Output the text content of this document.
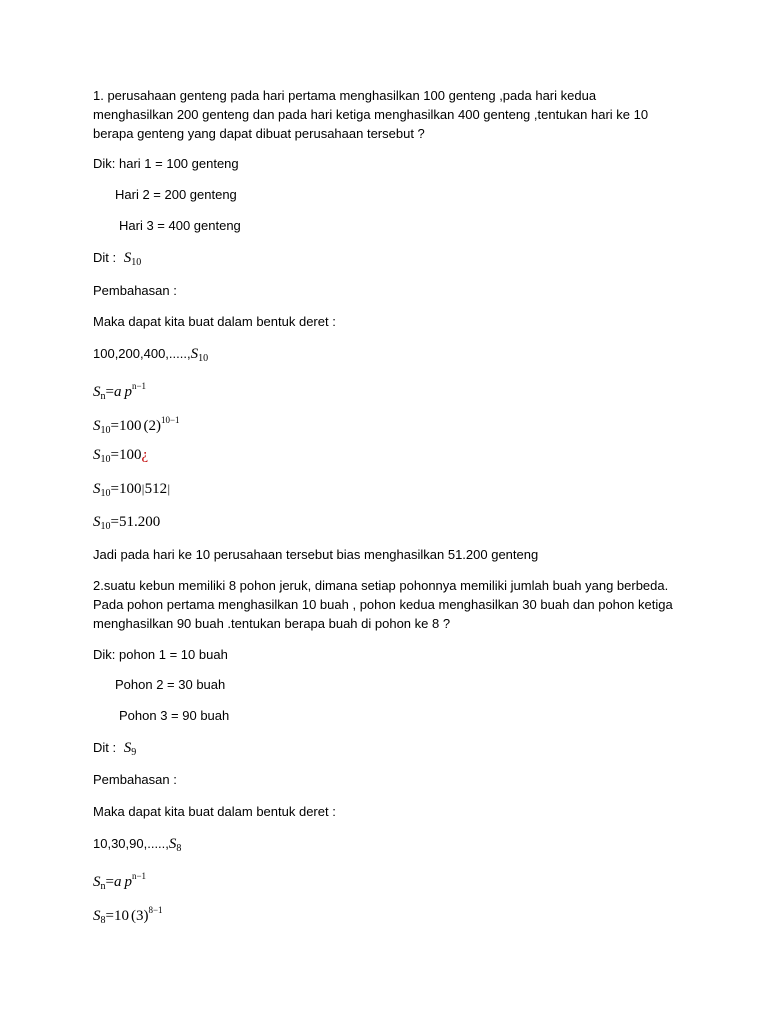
1. perusahaan genteng pada hari pertama menghasilkan 100 genteng ,pada hari kedua
menghasilkan 200 genteng dan pada hari ketiga menghasilkan 400 genteng ,tentukan hari ke 10
berapa genteng yang dapat dibuat perusahaan tersebut ?
Dik: hari 1 = 100 genteng
Hari 2 = 200 genteng
Hari 3 = 400 genteng
Dit : $S_{10}$
Pembahasan :
Maka dapat kita buat dalam bentuk deret :
$100,200,400,.....,S_{10}$
$S_n=a$ $p^{n-1}$
$S_{10}=100$ $(2)^{10-1}$
$S_{10}=100¿$
$S_{10}=100|512|$
$S_{10}=51.200$
Jadi pada hari ke 10 perusahaan tersebut bias menghasilkan 51.200 genteng
2.suatu kebun memiliki 8 pohon jeruk, dimana setiap pohonnya memiliki jumlah buah yang berbeda.
Pada pohon pertama menghasilkan 10 buah , pohon kedua menghasilkan 30 buah dan pohon ketiga
menghasilkan 90 buah .tentukan berapa buah di pohon ke 8 ?
Dik: pohon 1 = 10 buah
Pohon 2 = 30 buah
Pohon 3 = 90 buah
Dit : $S_9$
Pembahasan :
Maka dapat kita buat dalam bentuk deret :
$10,30,90,.....,S_8$
$S_n=a$ $p^{n-1}$
$S_8=10$ $(3)^{8-1}$
